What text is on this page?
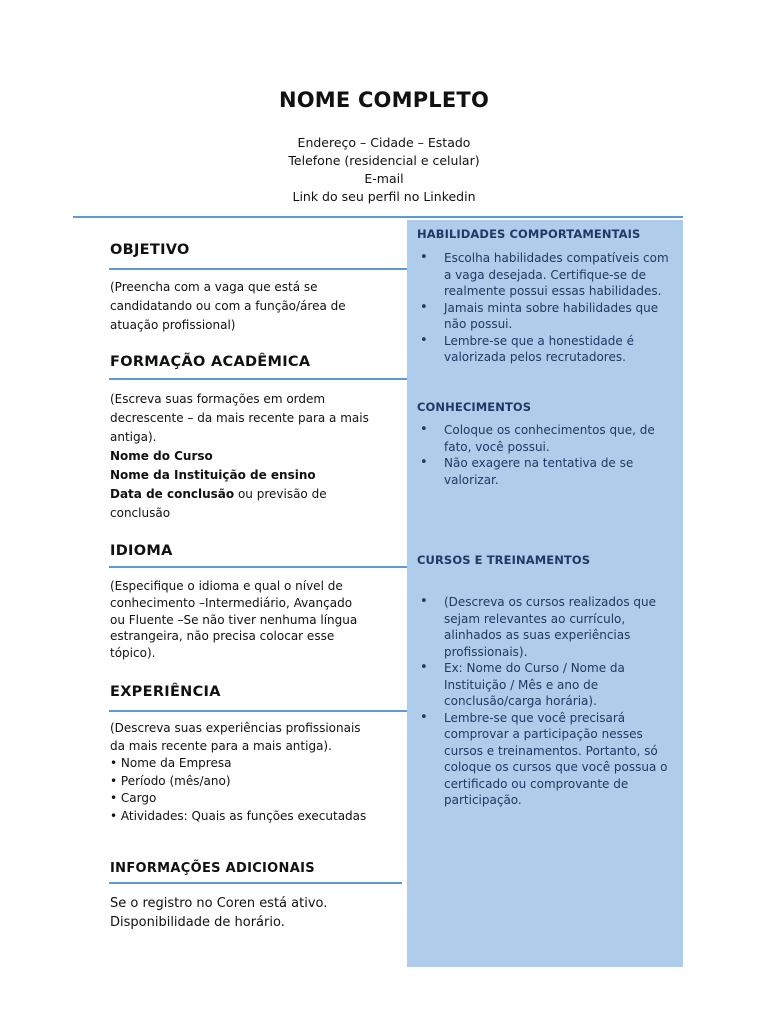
NOME COMPLETO
Endereço – Cidade – Estado
Telefone (residencial e celular)
E-mail
Link do seu perfil no Linkedin
OBJETIVO

(Preencha com a vaga que está se

candidatando ou com a função/área de

atuação profissional)

FORMAÇÃO ACADÊMICA

(Escreva suas formações em ordem

decrescente – da mais recente para a mais

antiga).

Nome do Curso

Nome da Instituição de ensino

Data de conclusão ou previsão de

conclusão

IDIOMA

(Especifique o idioma e qual o nível de

conhecimento –Intermediário, Avançado

ou Fluente –Se não tiver nenhuma língua

estrangeira, não precisa colocar esse

tópico).

EXPERIÊNCIA

(Descreva suas experiências profissionais

da mais recente para a mais antiga).

• Nome da Empresa

• Período (mês/ano)

• Cargo

• Atividades: Quais as funções executadas

INFORMAÇÕES ADICIONAIS

Se o registro no Coren está ativo.

Disponibilidade de horário.

HABILIDADES COMPORTAMENTAIS
• Escolha habilidades compatíveis com a vaga desejada. Certifique-se de realmente possui essas habilidades.
• Jamais minta sobre habilidades que não possui.
• Lembre-se que a honestidade é valorizada pelos recrutadores.
CONHECIMENTOS
• Coloque os conhecimentos que, de fato, você possui.
• Não exagere na tentativa de se valorizar.
CURSOS E TREINAMENTOS
• (Descreva os cursos realizados que sejam relevantes ao currículo, alinhados as suas experiências profissionais).
• Ex: Nome do Curso / Nome da Instituição / Mês e ano de conclusão/carga horária).
• Lembre-se que você precisará comprovar a participação nesses cursos e treinamentos. Portanto, só coloque os cursos que você possua o certificado ou comprovante de participação.
